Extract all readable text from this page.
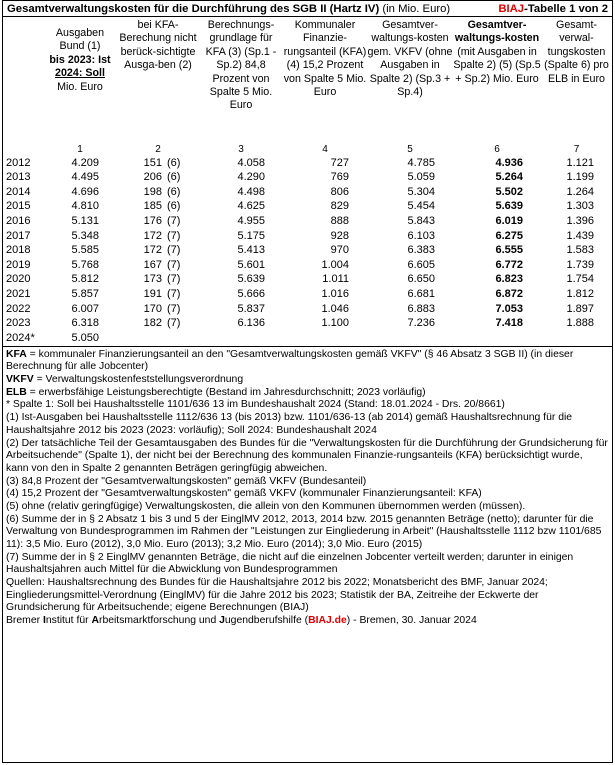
Gesamtverwaltungskosten für die Durchführung des SGB II (Hartz IV) (in Mio. Euro)	BIAJ-Tabelle 1 von 2
	Ausgaben Bund (1)
bis 2023: Ist
2024: Soll
Mio. Euro	bei KFA-Berechung nicht berück-sichtigte Ausga-ben (2)	Berechnungs-grundlage für KFA (3) (Sp.1 - Sp.2) 84,8 Prozent von Spalte 5 Mio. Euro	Kommunaler Finanzie-rungsanteil (KFA) (4) 15,2 Prozent von Spalte 5 Mio. Euro	Gesamtver-waltungs-kosten gem. VKFV (ohne Ausgaben in Spalte 2) (Sp.3 + Sp.4)	Gesamtver-waltungs-kosten (mit Ausgaben in Spalte 2) (5) (Sp.5 + Sp.2) Mio. Euro	Gesamt-verwal-tungskosten (Spalte 6) pro ELB in Euro
	1	2	3	4	5	6	7
2012	4.209	151 (6)	4.058	727	4.785	4.936	1.121
2013	4.495	206 (6)	4.290	769	5.059	5.264	1.199
2014	4.696	198 (6)	4.498	806	5.304	5.502	1.264
2015	4.810	185 (6)	4.625	829	5.454	5.639	1.303
2016	5.131	176 (7)	4.955	888	5.843	6.019	1.396
2017	5.348	172 (7)	5.175	928	6.103	6.275	1.439
2018	5.585	172 (7)	5.413	970	6.383	6.555	1.583
2019	5.768	167 (7)	5.601	1.004	6.605	6.772	1.739
2020	5.812	173 (7)	5.639	1.011	6.650	6.823	1.754
2021	5.857	191 (7)	5.666	1.016	6.681	6.872	1.812
2022	6.007	170 (7)	5.837	1.046	6.883	7.053	1.897
2023	6.318	182 (7)	6.136	1.100	7.236	7.418	1.888
2024*	5.050						

KFA = kommunaler Finanzierungsanteil an den "Gesamtverwaltungskosten gemäß VKFV" (§ 46 Absatz 3 SGB II) (in dieser Berechnung für alle Jobcenter)

VKFV = Verwaltungskostenfeststellungsverordnung

ELB = erwerbsfähige Leistungsberechtigte (Bestand im Jahresdurchschnitt; 2023 vorläufig)

* Spalte 1: Soll bei Haushaltsstelle 1101/636 13 im Bundeshaushalt 2024 (Stand: 18.01.2024 - Drs. 20/8661)

(1) Ist-Ausgaben bei Haushaltsstelle 1112/636 13 (bis 2013) bzw. 1101/636-13 (ab 2014) gemäß Haushaltsrechnung für die Haushaltsjahre 2012 bis 2023 (2023: vorläufig); Soll 2024: Bundeshaushalt 2024

(2) Der tatsächliche Teil der Gesamtausgaben des Bundes für die "Verwaltungskosten für die Durchführung der Grundsicherung für Arbeitsuchende" (Spalte 1), der nicht bei der Berechnung des kommunalen Finanzie-rungsanteils (KFA) berücksichtigt wurde, kann von den in Spalte 2 genannten Beträgen geringfügig abweichen.

(3) 84,8 Prozent der "Gesamtverwaltungskosten" gemäß VKFV (Bundesanteil)

(4) 15,2 Prozent der "Gesamtverwaltungskosten" gemäß VKFV (kommunaler Finanzierungsanteil: KFA)

(5) ohne (relativ geringfügige) Verwaltungskosten, die allein von den Kommunen übernommen werden (müssen).

(6) Summe der in § 2 Absatz 1 bis 3 und 5 der EinglMV 2012, 2013, 2014 bzw. 2015 genannten Beträge (netto); darunter für die Verwaltung von Bundesprogrammen im Rahmen der "Leistungen zur Eingliederung in Arbeit" (Haushaltsstelle 1112 bzw 1101/685 11): 3,5 Mio. Euro (2012), 3,0 Mio. Euro (2013); 3,2 Mio. Euro (2014); 3,0 Mio. Euro (2015)

(7) Summe der in § 2 EinglMV genannten Beträge, die nicht auf die einzelnen Jobcenter verteilt werden; darunter in einigen Haushaltsjahren auch Mittel für die Abwicklung von Bundesprogrammen

Quellen: Haushaltsrechnung des Bundes für die Haushaltsjahre 2012 bis 2022; Monatsbericht des BMF, Januar 2024; Eingliederungsmittel-Verordnung (EinglMV) für die Jahre 2012 bis 2023; Statistik der BA, Zeitreihe der Eckwerte der Grundsicherung für Arbeitsuchende; eigene Berechnungen (BIAJ)

Bremer Institut für Arbeitsmarktforschung und Jugendberufshilfe (BIAJ.de) - Bremen, 30. Januar 2024
